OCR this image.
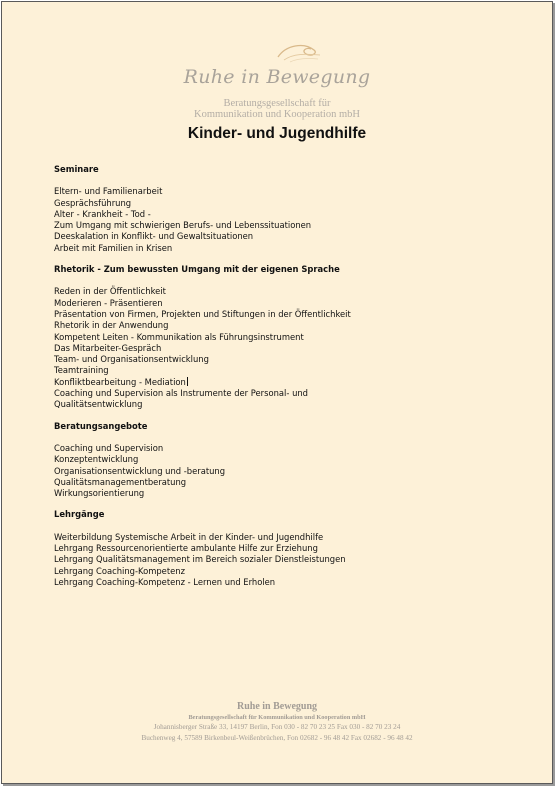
Ruhe in Bewegung
Beratungsgesellschaft für
Kommunikation und Kooperation mbH
Kinder- und Jugendhilfe
Seminare
Eltern- und Familienarbeit
Gesprächsführung
Alter - Krankheit - Tod -
Zum Umgang mit schwierigen Berufs- und Lebenssituationen
Deeskalation in Konflikt- und Gewaltsituationen
Arbeit mit Familien in Krisen
Rhetorik - Zum bewussten Umgang mit der eigenen Sprache
Reden in der Öffentlichkeit
Moderieren - Präsentieren
Präsentation von Firmen, Projekten und Stiftungen in der Öffentlichkeit
Rhetorik in der Anwendung
Kompetent Leiten - Kommunikation als Führungsinstrument
Das Mitarbeiter-Gespräch
Team- und Organisationsentwicklung
Teamtraining
Konfliktbearbeitung - Mediation
Coaching und Supervision als Instrumente der Personal- und
Qualitätsentwicklung
Beratungsangebote
Coaching und Supervision
Konzeptentwicklung
Organisationsentwicklung und -beratung
Qualitätsmanagementberatung
Wirkungsorientierung
Lehrgänge
Weiterbildung Systemische Arbeit in der Kinder- und Jugendhilfe
Lehrgang Ressourcenorientierte ambulante Hilfe zur Erziehung
Lehrgang Qualitätsmanagement im Bereich sozialer Dienstleistungen
Lehrgang Coaching-Kompetenz
Lehrgang Coaching-Kompetenz - Lernen und Erholen
Ruhe in Bewegung
Beratungsgesellschaft für Kommunikation und Kooperation mbH
Johannisberger Straße 33, 14197 Berlin, Fon 030 - 82 70 23 25 Fax 030 - 82 70 23 24
Buchenweg 4, 57589 Birkenbeul-Weißenbrüchen, Fon 02682 - 96 48 42 Fax 02682 - 96 48 42
